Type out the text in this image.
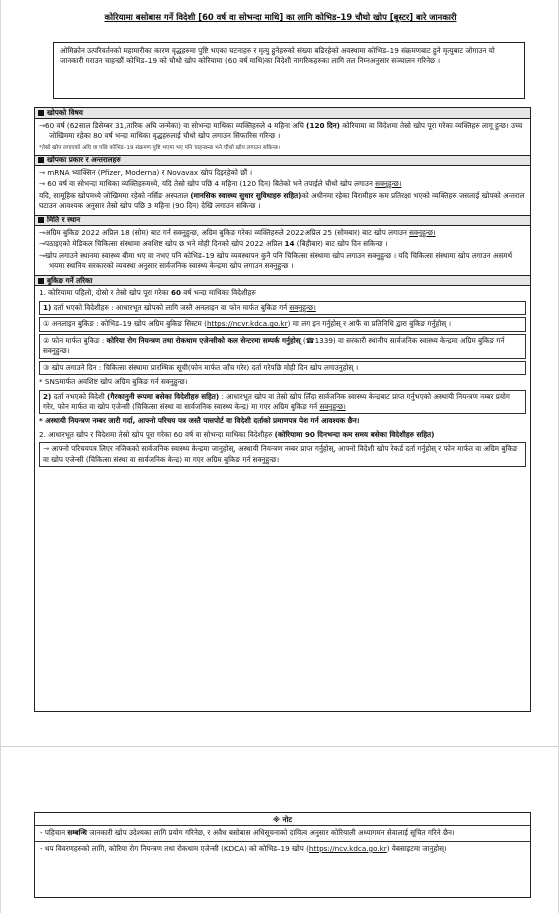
कोरियामा बसोबास गर्ने विदेशी [60 वर्ष वा सोभन्दा माथि] का लागि कोभिड–19 चौथो खोप [बूस्टर] बारे जानकारी

ओमिक्रोन उत्परिवर्तनको महामारीका कारण वृद्धहरुमा पुष्टि भएका घटनाहरु र मृत्यु हुनेहरुको संख्या बढिरहेको अवस्थामा कोभिड–19 संक्रमणबाट हुने मृत्युबाट जोगाउन यो जानकारी गराउन चाहन्छौं कोभिड–19 को चौथो खोप कोरियामा (60 वर्ष माथि)का विदेशी नागरिकहरुका लागि तल निम्नअनुसार सञ्चालन गरिनेछ ।

खोपको विषय
⊸60 वर्ष (62साल डिसेम्बर 31,तारिक अघि जन्मेका) वा सोभन्दा माथिका व्यक्तिहरुले 4 महिना अघि (120 दिन) कोरियामा वा विदेशमा तेस्रो खोप पूरा गरेका व्यक्तिहरु लागू हुन्छ। उच्च जोखिममा रहेका 80 वर्ष भन्दा माथिका वृद्धहरुलाई चौथो खोप लगाउन सिफारिस गरिन्छ ।
*तेस्रो खोप लगाएको अघि वा पछि कोभिड–19 संक्रमण पुष्टि भएमा भए पनि चाहन्छन्छ भने चौथो खोप लगाउन सकिन्छ।
खोपका प्रकार र अन्तरालहरु
⊸ mRNA भ्याक्सिन (Pfizer, Moderna) र Novavax खोप दिइरहेको छौं ।
⊸ 60 वर्ष वा सोभन्दा माथिका व्यक्तिहरुमध्ये, यदि तेस्रो खोप पछि 4 महिना (120 दिन) बितेको भने तपाईले चौथो खोप लगाउन सक्नुहुन्छ।
यदि, सामूहिक खोपमध्ये जोखिममा रहेको नर्सिङ अस्पताल (मानसिक स्वास्थ्य सुधार सुविधाहरु सहित)को अधीनमा रहेका विरामीहरु कम प्रतिरक्षा भएको व्यक्तिहरु जसलाई खोपको अन्तराल घटाउन आवश्यक अनुसार तेस्रो खोप पछि 3 महिना (90 दिन) देखि लगाउन सकिन्छ ।
मिति र स्थान
⊸अग्रिम बुकिङ 2022 अप्रिल 18 (सोम) बाट गर्न सक्नुहुन्छ, अग्रिम बुकिङ गरेका व्यक्तिहरुले 2022अप्रिल 25 (सोमबार) बाट खोप लगाउन सक्नुहुन्छ।
⊸पठाइएको मेडिकल चिकित्सा संस्थामा अवशिष्ट खोप छ भने मोही दिनको खोप 2022 अप्रिल 14 (बिहीबार) बाट खोप दिन सकिन्छ ।
⊸खोप लगाउने स्थानमा स्वास्थ्य बीमा भए वा नभए पनि कोभिड–19 खोप व्यवस्थापन कुनै पनि चिकित्सा संस्थामा खोप लगाउन सक्नुहुन्छ । यदि चिकित्सा संस्थामा खोप लगाउन असमर्थ भयमा स्थानिय सरकारको व्यवस्था अनुसार सार्वजनिक स्वास्थ्य केन्द्रमा खोप लगाउन सक्नुहुन्छ ।
बुकिङ गर्ने तरिका
1. कोरियामा पहिलो, दोस्रो र तेस्रो खोप पूरा गरेका 60 वर्ष भन्दा माथिका विदेशीहरु
1) दर्ता भएको विदेशीहरु : आधारभूत खोपको लागि जस्तै अनलाइन वा फोन मार्फत बुकिङ गर्न सक्नुहुन्छ।
① अनलाइन बुकिङ : कोभिड–19 खोप अग्रिम बुकिङ सिस्टम (https://ncvr.kdca.go.kr) मा लग इन गर्नुहोस् र आफैं वा प्रतिनिधि द्वारा बुकिङ गर्नुहोस् ।
② फोन मार्फत बुकिङ : कोरिया रोग नियन्त्रण तथा रोकथाम एजेन्सीको कल सेन्टरमा सम्पर्क गर्नुहोस् (☎1339) वा सरकारी स्थानीय सार्वजनिक स्वास्थ्य केन्द्रमा अग्रिम बुकिङ गर्न सक्नुहुन्छ।
③ खोप लगाउने दिन : चिकित्सा संस्थामा प्रारम्भिक सूची(फोन मार्फत जाँच गरेर) दर्ता गरेपछि मोही दिन खोप लगाउनुहोस् ।
* SNSमार्फत अवशिष्ट खोप अग्रिम बुकिङ गर्न सक्नुहुन्छ।
2) दर्ता नभएको विदेशी (गैरकानुनी रूपमा बसेका विदेशीहरु सहित) : आधारभूत खोप वा तेस्रो खोप लिँदा सार्वजनिक स्वास्थ्य केन्द्रबाट प्राप्त गर्नुभएको अस्थायी नियन्त्रण नम्बर प्रयोग गरेर, फोन मार्फत वा खोप एजेन्सी (चिकित्सा संस्था वा सार्वजनिक स्वास्थ्य केन्द्र) मा गएर अग्रिम बुकिङ गर्न सक्नुहुन्छ।
* अस्थायी नियन्त्रण नम्बर जारी गर्दा, आफ्नो परिचय पत्र जस्तै पासपोर्ट वा विदेशी दर्ताको प्रमाणपत्र पेश गर्न आवश्यक छैन।
2. आधारभूत खोप र विदेशमा तेस्रो खोप पूरा गरेका 60 वर्ष वा सोभन्दा माथिका विदेशीहरु (कोरियामा 90 दिनभन्दा कम समय बसेका विदेशीहरु सहित)
⊸ आफ्नो परिचयपत्र लिएर नजिकको सार्वजनिक स्वास्थ्य केन्द्रमा जानुहोस्, अस्थायी नियन्त्रण नम्बर प्राप्त गर्नुहोस्, आफ्नो विदेशी खोप रेकर्ड दर्ता गर्नुहोस् र फोन मार्फत वा अग्रिम बुकिङ वा खोप एजेन्सी (चिकित्सा संस्था वा सार्वजनिक केन्द्र) मा गएर अग्रिम बुकिङ गर्न सक्नुहुन्छ।
※ नोट
- पहिचान सम्बन्धि जानकारी खोप उदेश्यका लागि प्रयोग गरिनेछ, र अवैध बसोबास अधिसूचनाको दायित्व अनुसार कोरियाली अध्यागमन सेवालाई सूचित गरिने छैन।
- थप विवरणहरुको लागि, कोरिया रोग नियन्त्रण तथा रोकथाम एजेन्सी (KDCA) को कोभिड–19 खोप (https://ncv.kdca.go.kr) वेबसाइटमा जानुहोस्।
